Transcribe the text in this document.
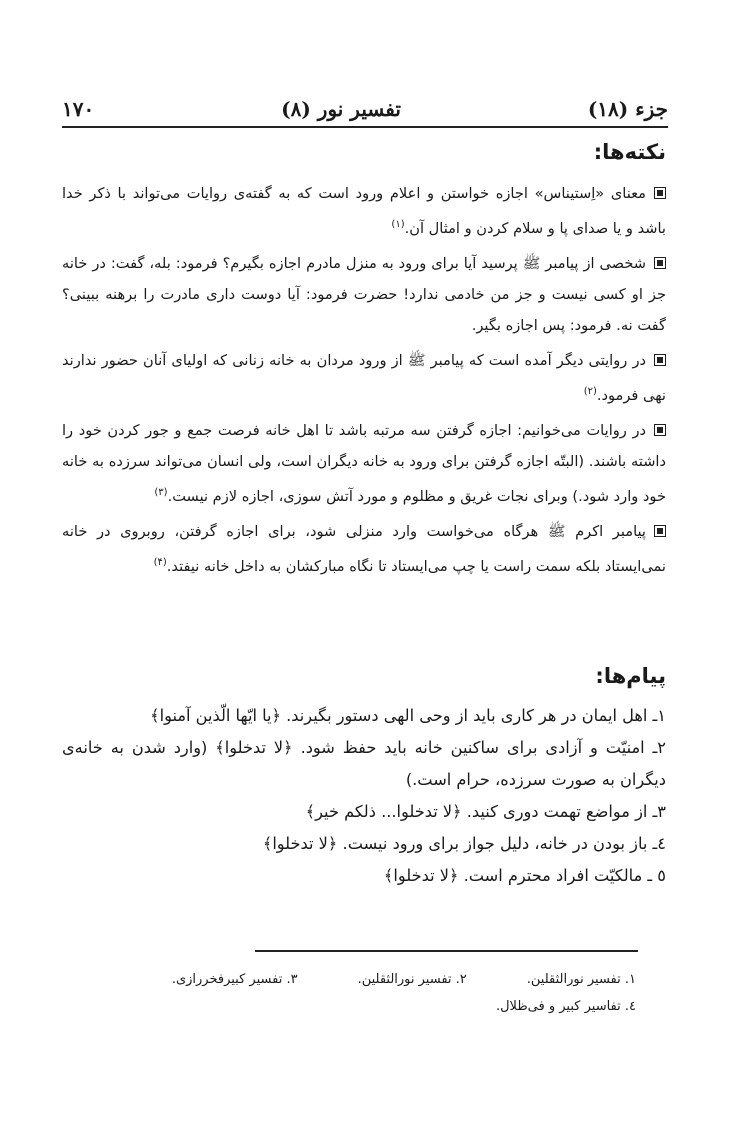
۱۷۰	تفسیر نور (۸)	جزء (۱۸)
نکته‌ها:

معنای «اِستیناس» اجازه خواستن و اعلام ورود است که به گفته‌ی روایات می‌تواند با ذکر خدا باشد و یا صدای پا و سلام کردن و امثال آن.$^{(۱)}$

شخصی از پیامبر ﷺ پرسید آیا برای ورود به منزل مادرم اجازه بگیرم؟ فرمود: بله، گفت: در خانه جز او کسی نیست و جز من خادمی ندارد! حضرت فرمود: آیا دوست داری مادرت را برهنه ببینی؟ گفت نه. فرمود: پس اجازه بگیر.

در روایتی دیگر آمده است که پیامبر ﷺ از ورود مردان به خانه زنانی که اولیای آنان حضور ندارند نهی فرمود.$^{(۲)}$

در روایات می‌خوانیم: اجازه گرفتن سه مرتبه باشد تا اهل خانه فرصت جمع و جور کردن خود را داشته باشند. (البتّه اجازه گرفتن برای ورود به خانه دیگران است، ولی انسان می‌تواند سرزده به خانه خود وارد شود.) وبرای نجات غریق و مظلوم و مورد آتش سوزی، اجازه لازم نیست.$^{(۳)}$

پیامبر اکرم ﷺ هرگاه می‌خواست وارد منزلی شود، برای اجازه گرفتن، روبروی در خانه نمی‌ایستاد بلکه سمت راست یا چپ می‌ایستاد تا نگاه مبارکشان به داخل خانه نیفتد.$^{(۴)}$

پیام‌ها:
۱ـ اهل ایمان در هر کاری باید از وحی الهی دستور بگیرند. ﴿یا ایّها الّذین آمنوا﴾
۲ـ امنیّت و آزادی برای ساکنین خانه باید حفظ شود. ﴿لا تدخلوا﴾ (وارد شدن به خانه‌ی دیگران به صورت سرزده، حرام است.)
۳ـ از مواضع تهمت دوری کنید. ﴿لا تدخلوا... ذلکم خیر﴾
٤ـ باز بودن در خانه، دلیل جواز برای ورود نیست. ﴿لا تدخلوا﴾
٥ ـ مالکیّت افراد محترم است. ﴿لا تدخلوا﴾
۱. تفسیر نورالثقلین.
۲. تفسیر نورالثقلین.
۳. تفسیر کبیرفخررازی.
٤. تفاسیر کبیر و فی‌ظلال.
